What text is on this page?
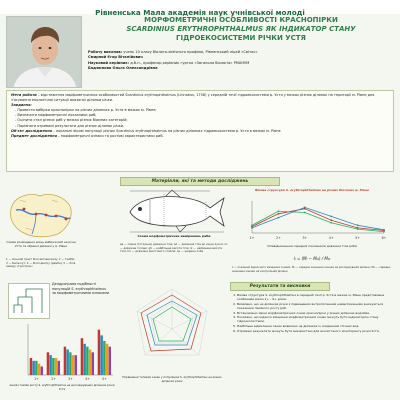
Рівненська Мала академія наук учнівської молоді
МОРФОМЕТРИЧНІ ОСОБЛИВОСТІ КРАСНОПІРКИ
SCARDINIUS ERYTHROPHTHALMUS ЯК ІНДИКАТОР СТАНУ
ГІДРОЕКОСИСТЕМИ РІЧКИ УСТЯ
Роботу виконав: учень 10 класу біолого-хімічного профілю, Рівненський ліцей «Світоч»
Смирний Єгор Віталійович
Науковий керівник: д.б.н., професор,керівник гуртка «Загальна біологія» РМАНУМ
Бадзюнова Ольга Олександрівна
Мета роботи – відстеження морфометричних особливостей Scardinius erythrophthalmus (Linnaeus, 1758) у середній течії гідроекосистеми р. Устя у межах різних ділянок на території м. Рівне для з'ясування екологічної ситуації вказаної ділянки річки.
Завдання:
- Провести вибірки краснопірки на різних ділянках р. Устя в межах м. Рівне;
- Визначити морфометричні показники риб;
- Оцінити стан різних риб у межах різних біомних категорій;
- Порівняти отримані результати для різних ділянок річки.
Об'єкт дослідження – локальні вікові популяції різних Scardinius erythrophthalmus на різних ділянках гідроекосистеми р. Устя в межах м. Рівне
Предмет дослідження – морфометричні ознаки та ростові характеристики риб.
Матеріали, які та методи досліджень
Схема розміщення місць вибірки риб на річці Устя та обраної ділянки у м. Рівне
1 — міський тракт біля автовокзалу; 2 — Грабів; 3 — Басів кут; 4 — біля Центру (дамба); 5 — біля заводу «Газотрон»
Схема морфометричних вимірювань риби
ав — повна (тотальна) довжина тіла; ad — довжина тіла до кінця луски; ос — довжина голови; gh — найбільша висота тіла; ik — найменша висота тіла; lm — довжина хвостового стебла; op — ширина лоба
Вікова структура S. erythrophthalmus на різних біотопах м. Рівне
1+	2+	3+	4+	5+	6+
Співвідношення середніх показників довжини тіла риби
Iᵢ = (Mᵢ − Mᵢ₀) / Mᵢ₀
Iᵢ — показник відносного зміщення ознаки; Mᵢ — середнє значення ознаки на досліджуваній ділянці; Mᵢ₀ — середнє значення ознаки на контрольній ділянці
Дендрограма подібності популяцій S. erythrophthalmus за морфометричними ознаками
1+	2+	3+	4+	5+
Аналіз темпів росту S. erythrophthalmus на досліджуваних ділянках річки Устя
Порівняння типових ознак у популяціях S. erythrophthalmus на різних ділянках річки
Результати та висновки
1. Вікова структура S. erythrophthalmus в середній течії р. Устя в межах м. Рівне представлена особинами віком 1+ – 6+ років.
2. Виявлено, що на ділянках річки з підвищеним антропогенним навантаженням знижуються показники лінійного росту риб.
3. Встановлено зміни морфометричних ознак краснопірки у різних ділянках водойми.
4. Показано, що індекси зміщення морфометричних ознак можуть бути індикатором стану гідроекосистеми.
5. Найбільші відхилення ознак виявлено на ділянках із скиданням стічних вод.
6. Отримані результати можуть бути використані для екологічного моніторингу річки Устя.
